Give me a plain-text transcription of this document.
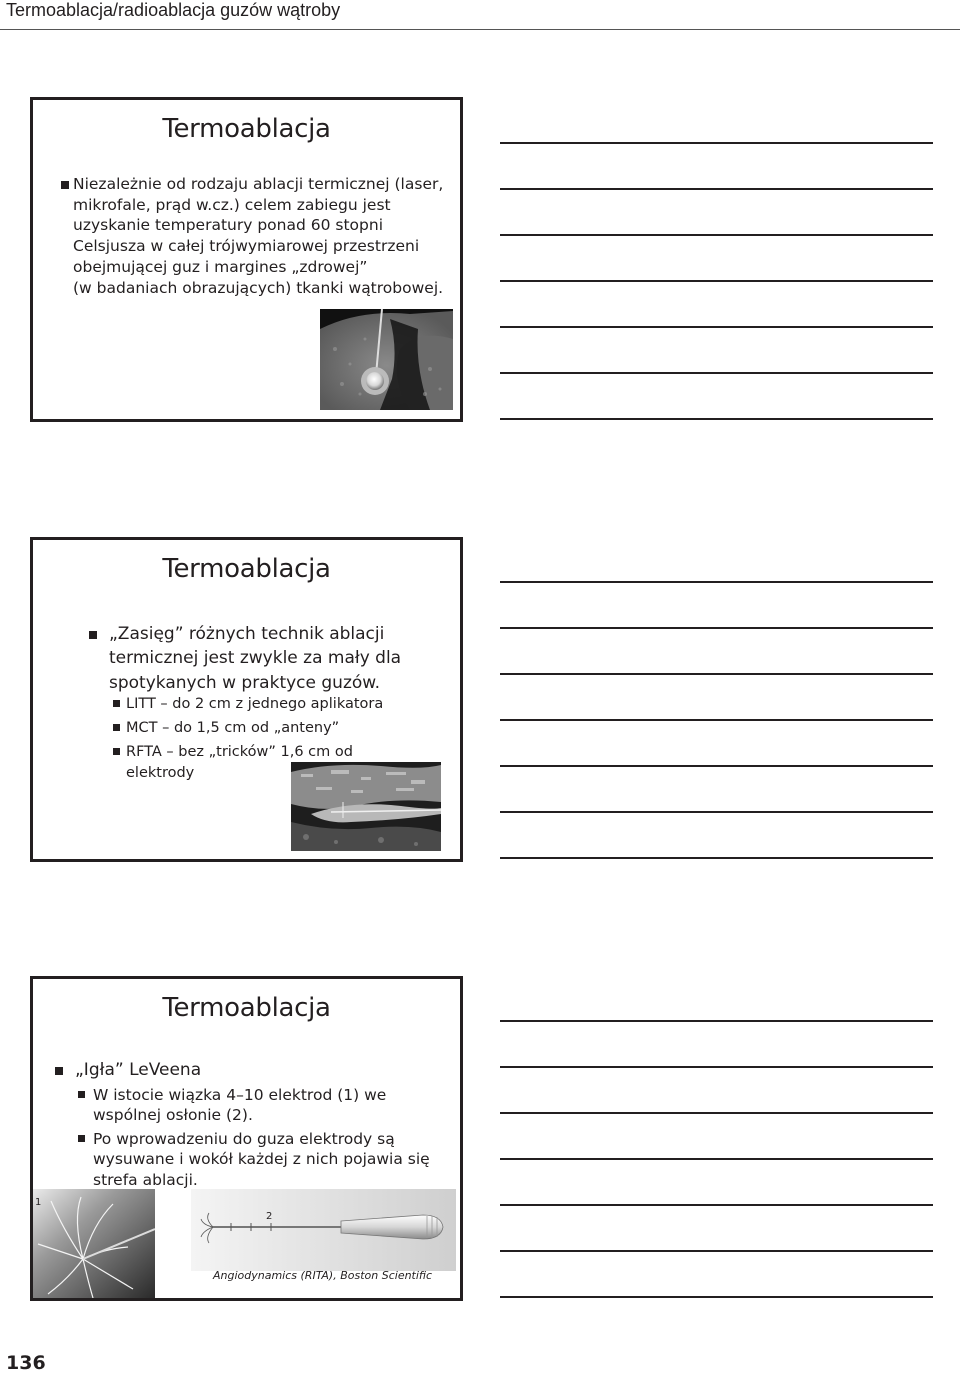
Termoablacja/radioablacja guzów wątroby
Termoablacja
Niezależnie od rodzaju ablacji termicznej (laser,
mikrofale, prąd w.cz.) celem zabiegu jest
uzyskanie temperatury ponad 60 stopni
Celsjusza w całej trójwymiarowej przestrzeni
obejmującej guz i margines „zdrowej”
(w badaniach obrazujących) tkanki wątrobowej.
Termoablacja
„Zasięg” różnych technik ablacji
termicznej jest zwykle za mały dla
spotykanych w praktyce guzów.
LITT – do 2 cm z jednego aplikatora
MCT – do 1,5 cm od „anteny”
RFTA – bez „tricków” 1,6 cm od
elektrody
Termoablacja
„Igła” LeVeena
W istocie wiązka 4–10 elektrod (1) we
wspólnej osłonie (2).
Po wprowadzeniu do guza elektrody są
wysuwane i wokół każdej z nich pojawia się
strefa ablacji.
1
2
Angiodynamics (RITA), Boston Scientific
136
